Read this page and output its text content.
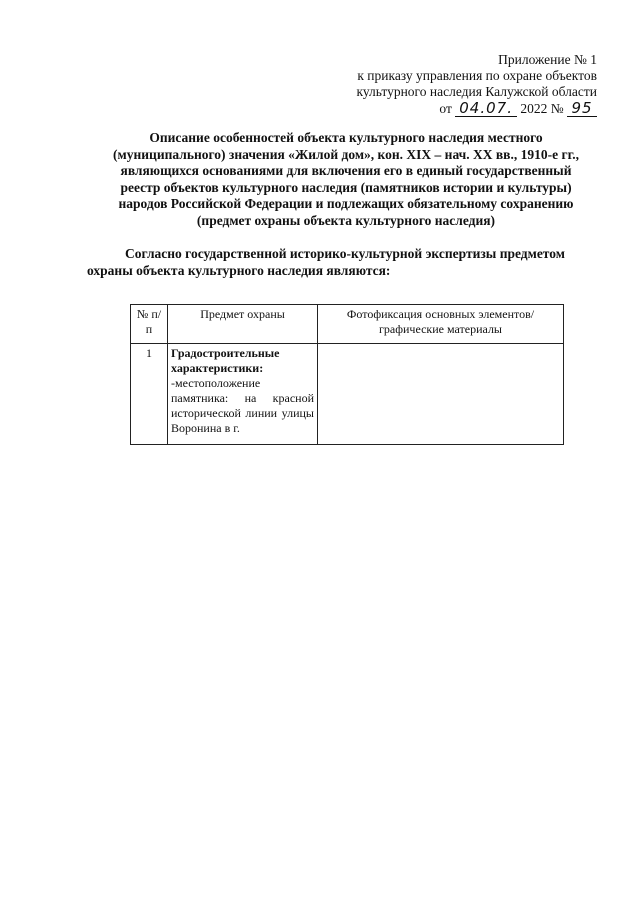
Приложение № 1
к приказу управления по охране объектов
культурного наследия Калужской области
от 04.07. 2022 № 95
Описание особенностей объекта культурного наследия местного
(муниципального) значения «Жилой дом», кон. XIX – нач. XX вв., 1910-е гг.,
являющихся основаниями для включения его в единый государственный
реестр объектов культурного наследия (памятников истории и культуры)
народов Российской Федерации и подлежащих обязательному сохранению
(предмет охраны объекта культурного наследия)
Согласно государственной историко-культурной экспертизы предметом
охраны объекта культурного наследия являются:
№ п/п	Предмет охраны	Фотофиксация основных элементов/графические материалы
1	Градостроительные характеристики:
-местоположение памятника: на красной исторической линии улицы Воронина в г.	
